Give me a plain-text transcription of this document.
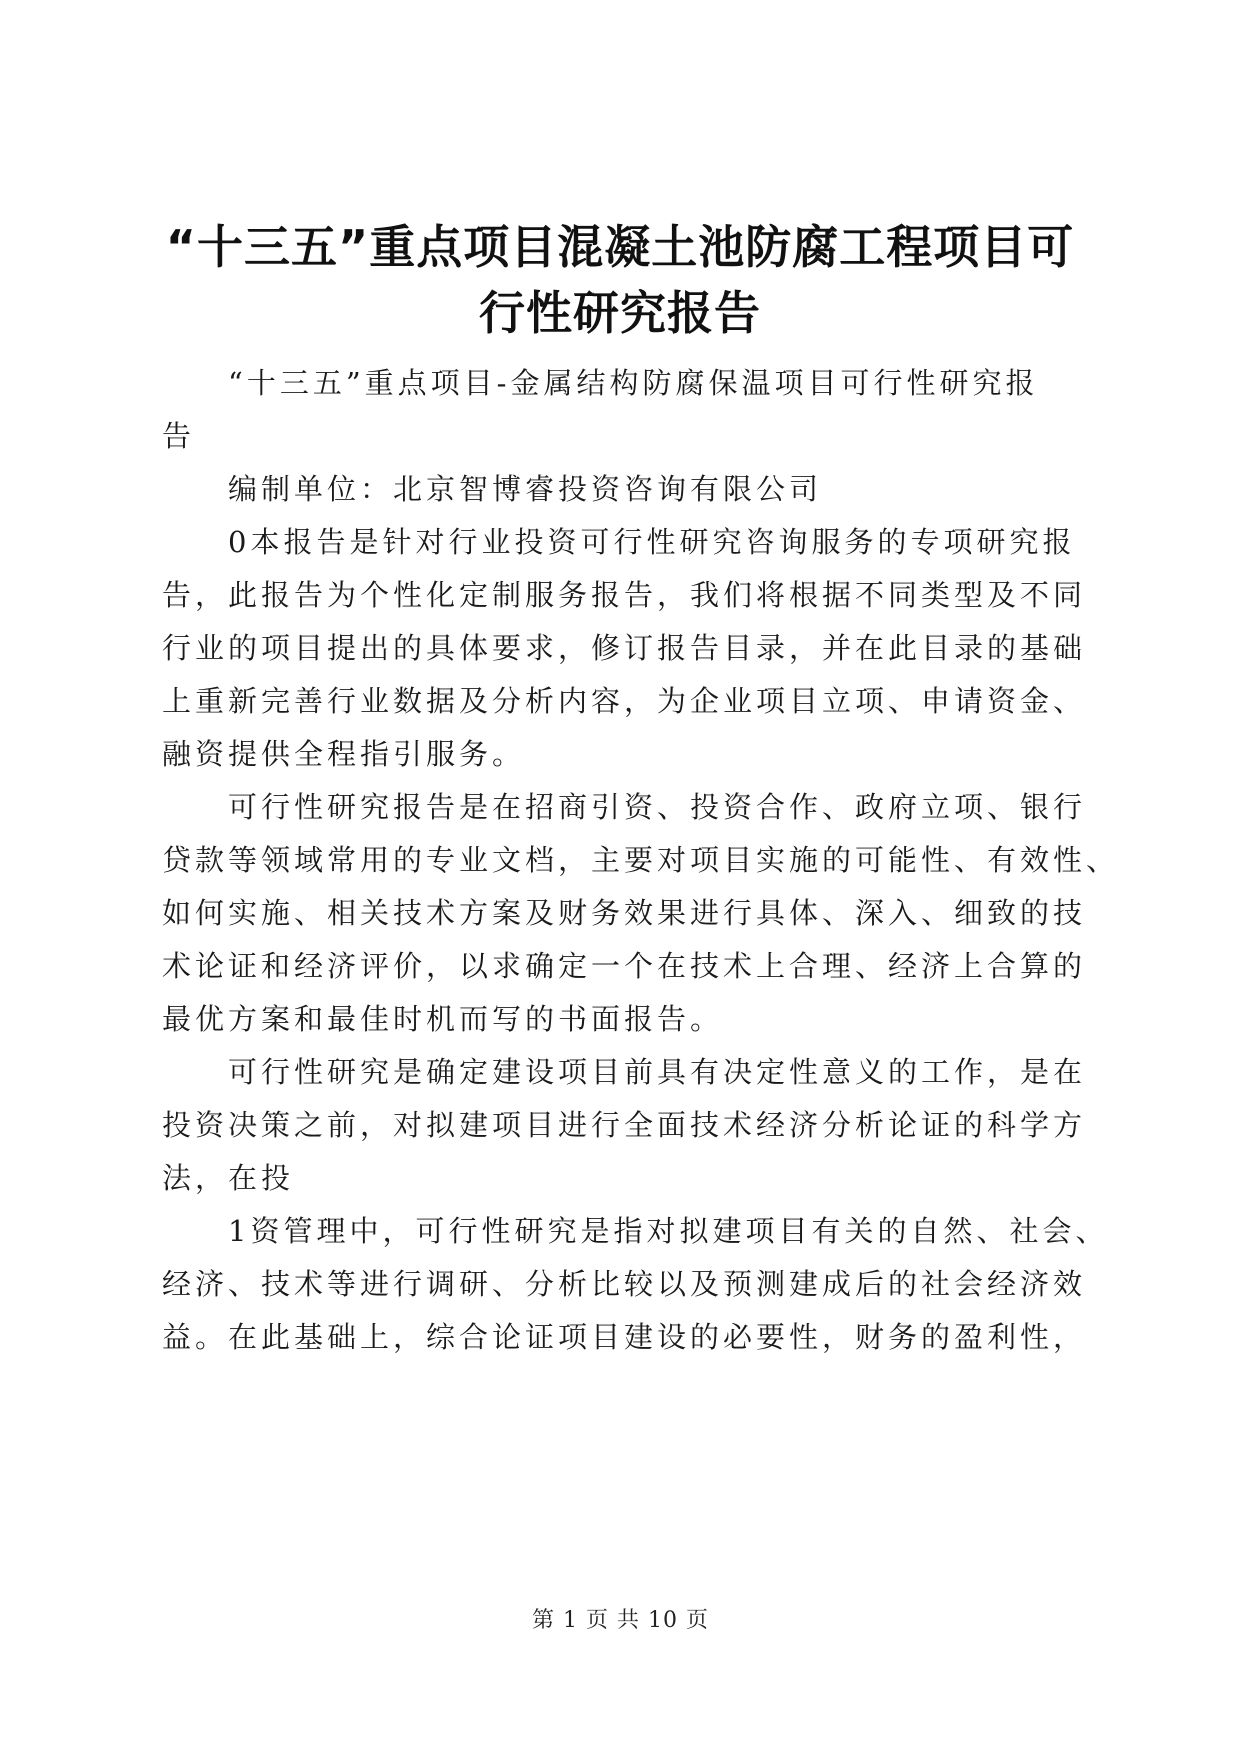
“十三五”重点项目混凝土池防腐工程项目可
行性研究报告

“十三五”重点项目-金属结构防腐保温项目可行性研究报
告

编制单位：北京智博睿投资咨询有限公司

0本报告是针对行业投资可行性研究咨询服务的专项研究报
告，此报告为个性化定制服务报告，我们将根据不同类型及不同
行业的项目提出的具体要求，修订报告目录，并在此目录的基础
上重新完善行业数据及分析内容，为企业项目立项、申请资金、
融资提供全程指引服务。

可行性研究报告是在招商引资、投资合作、政府立项、银行
贷款等领域常用的专业文档，主要对项目实施的可能性、有效性、
如何实施、相关技术方案及财务效果进行具体、深入、细致的技
术论证和经济评价，以求确定一个在技术上合理、经济上合算的
最优方案和最佳时机而写的书面报告。

可行性研究是确定建设项目前具有决定性意义的工作，是在
投资决策之前，对拟建项目进行全面技术经济分析论证的科学方
法，在投

1资管理中，可行性研究是指对拟建项目有关的自然、社会、
经济、技术等进行调研、分析比较以及预测建成后的社会经济效
益。在此基础上，综合论证项目建设的必要性，财务的盈利性，

第 1 页 共 10 页
